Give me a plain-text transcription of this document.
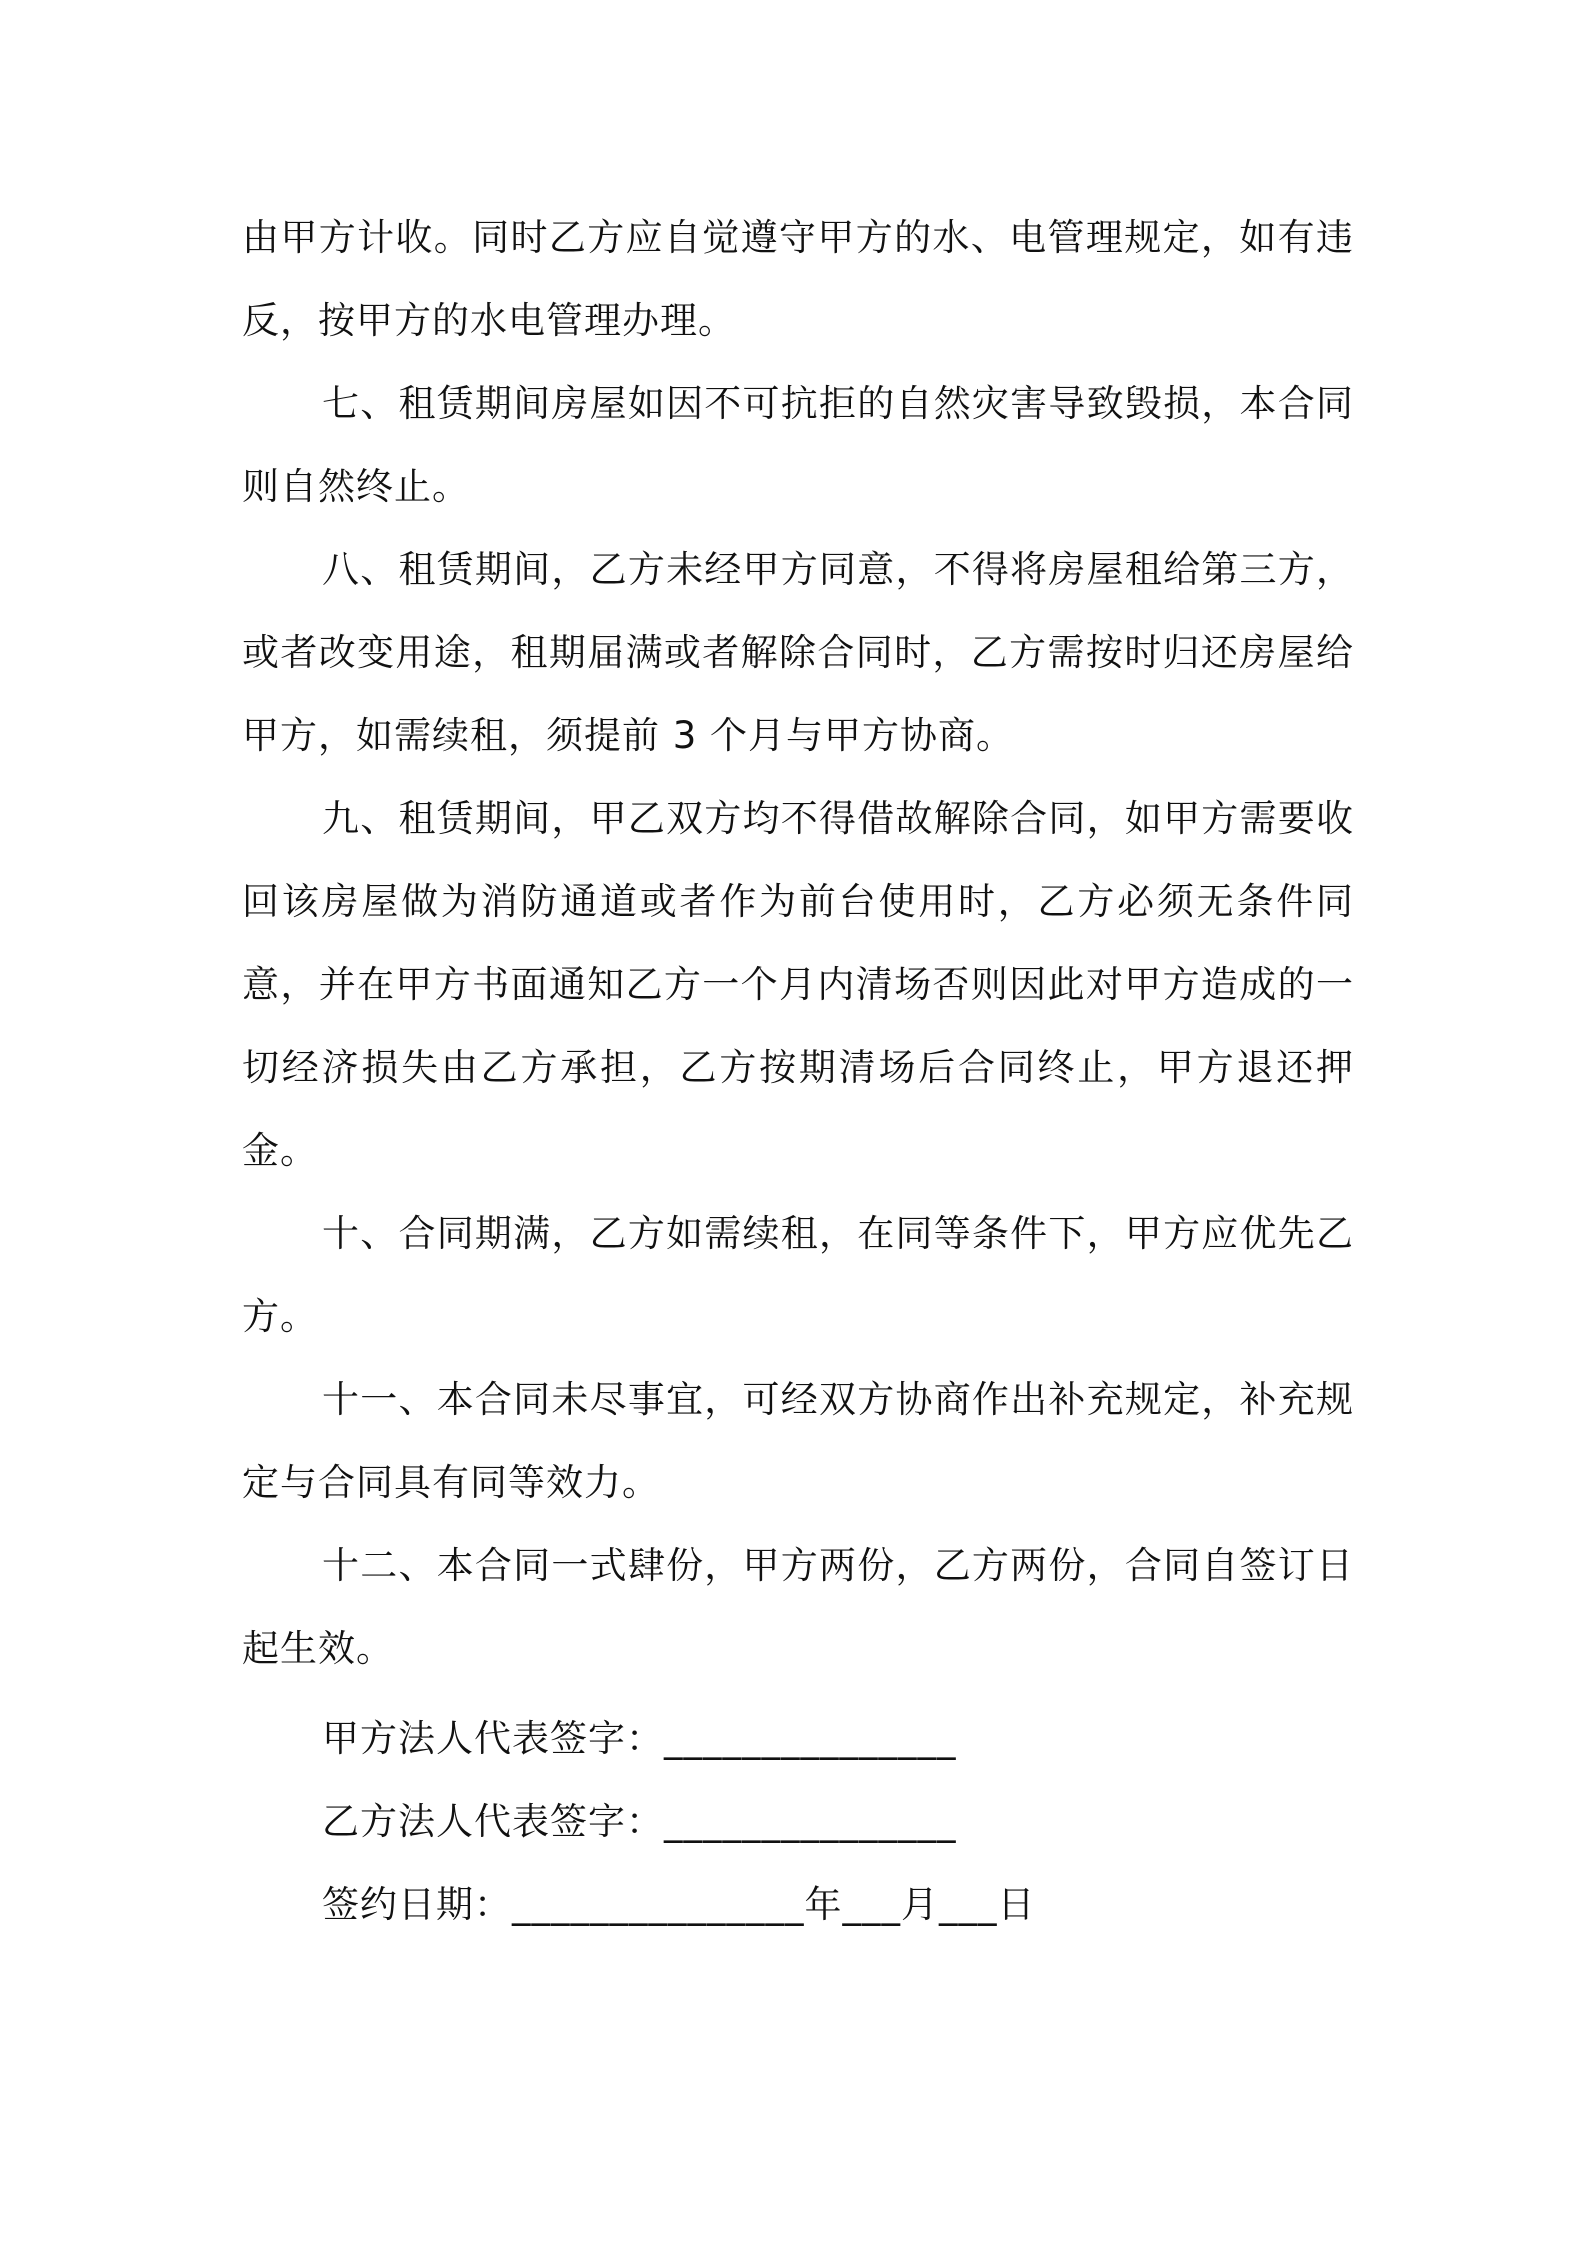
由甲方计收。同时乙方应自觉遵守甲方的水、电管理规定，如有违反，按甲方的水电管理办理。

七、租赁期间房屋如因不可抗拒的自然灾害导致毁损，本合同则自然终止。

八、租赁期间，乙方未经甲方同意，不得将房屋租给第三方，或者改变用途，租期届满或者解除合同时，乙方需按时归还房屋给甲方，如需续租，须提前 3 个月与甲方协商。

九、租赁期间，甲乙双方均不得借故解除合同，如甲方需要收回该房屋做为消防通道或者作为前台使用时，乙方必须无条件同意，并在甲方书面通知乙方一个月内清场否则因此对甲方造成的一切经济损失由乙方承担，乙方按期清场后合同终止，甲方退还押金。

十、合同期满，乙方如需续租，在同等条件下，甲方应优先乙方。

十一、本合同未尽事宜，可经双方协商作出补充规定，补充规定与合同具有同等效力。

十二、本合同一式肆份，甲方两份，乙方两份，合同自签订日起生效。

甲方法人代表签字：_______________

乙方法人代表签字：_______________

签约日期：_______________年___月___日
